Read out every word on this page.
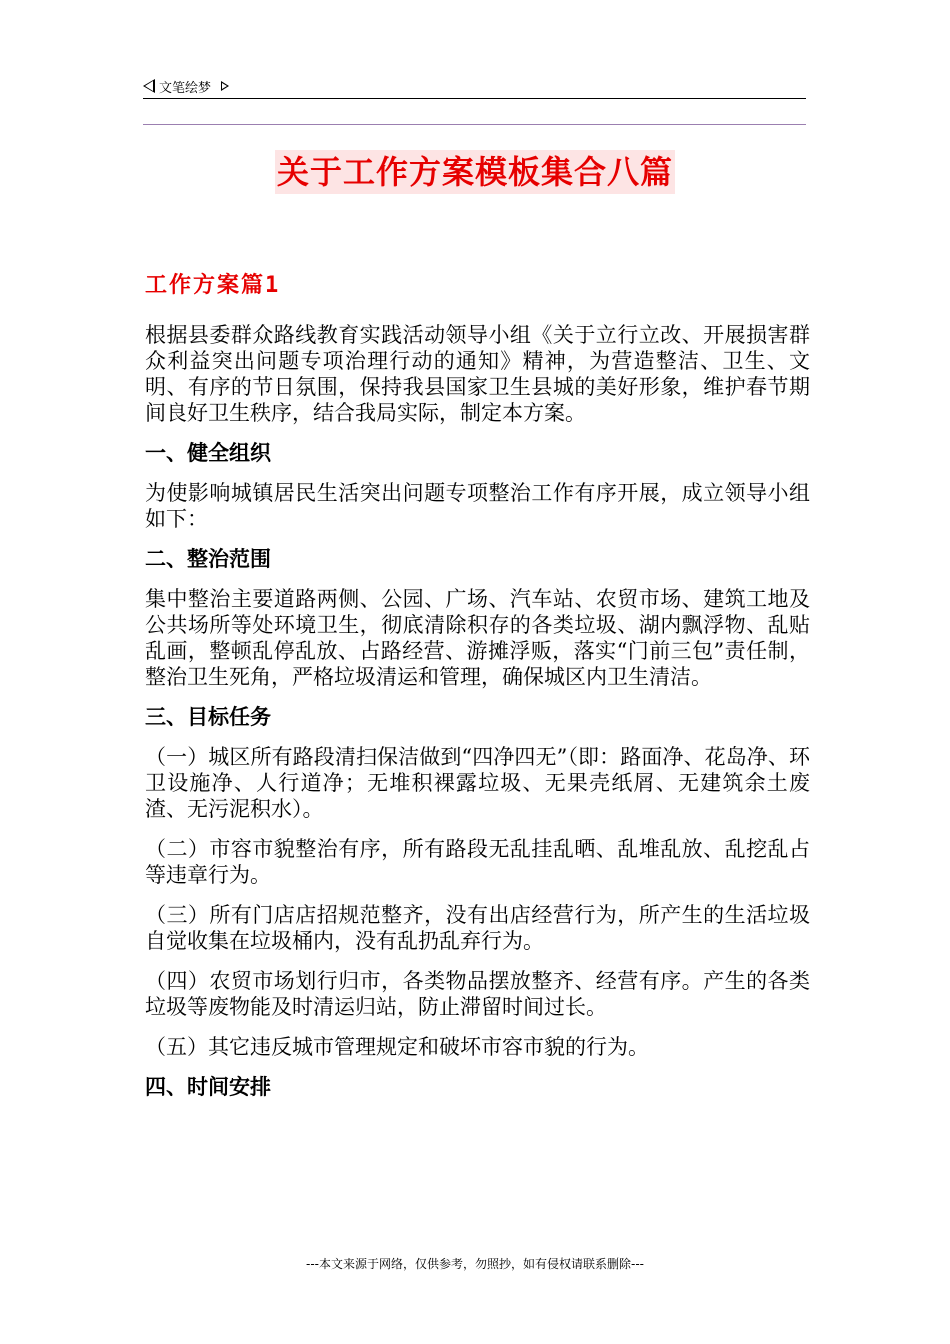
文笔绘梦
关于工作方案模板集合八篇
工作方案篇1

根据县委群众路线教育实践活动领导小组《关于立行立改、开展损害群众利益突出问题专项治理行动的通知》精神，为营造整洁、卫生、文明、有序的节日氛围，保持我县国家卫生县城的美好形象，维护春节期间良好卫生秩序，结合我局实际，制定本方案。

一、健全组织

为使影响城镇居民生活突出问题专项整治工作有序开展，成立领导小组如下：

二、整治范围

集中整治主要道路两侧、公园、广场、汽车站、农贸市场、建筑工地及公共场所等处环境卫生，彻底清除积存的各类垃圾、湖内飘浮物、乱贴乱画，整顿乱停乱放、占路经营、游摊浮贩，落实“门前三包”责任制，整治卫生死角，严格垃圾清运和管理，确保城区内卫生清洁。

三、目标任务

（一）城区所有路段清扫保洁做到“四净四无”（即：路面净、花岛净、环卫设施净、人行道净；无堆积裸露垃圾、无果壳纸屑、无建筑余土废渣、无污泥积水）。

（二）市容市貌整治有序，所有路段无乱挂乱晒、乱堆乱放、乱挖乱占等违章行为。

（三）所有门店店招规范整齐，没有出店经营行为，所产生的生活垃圾自觉收集在垃圾桶内，没有乱扔乱弃行为。

（四）农贸市场划行归市，各类物品摆放整齐、经营有序。产生的各类垃圾等废物能及时清运归站，防止滞留时间过长。

（五）其它违反城市管理规定和破坏市容市貌的行为。

四、时间安排
---本文来源于网络，仅供参考，勿照抄，如有侵权请联系删除---
